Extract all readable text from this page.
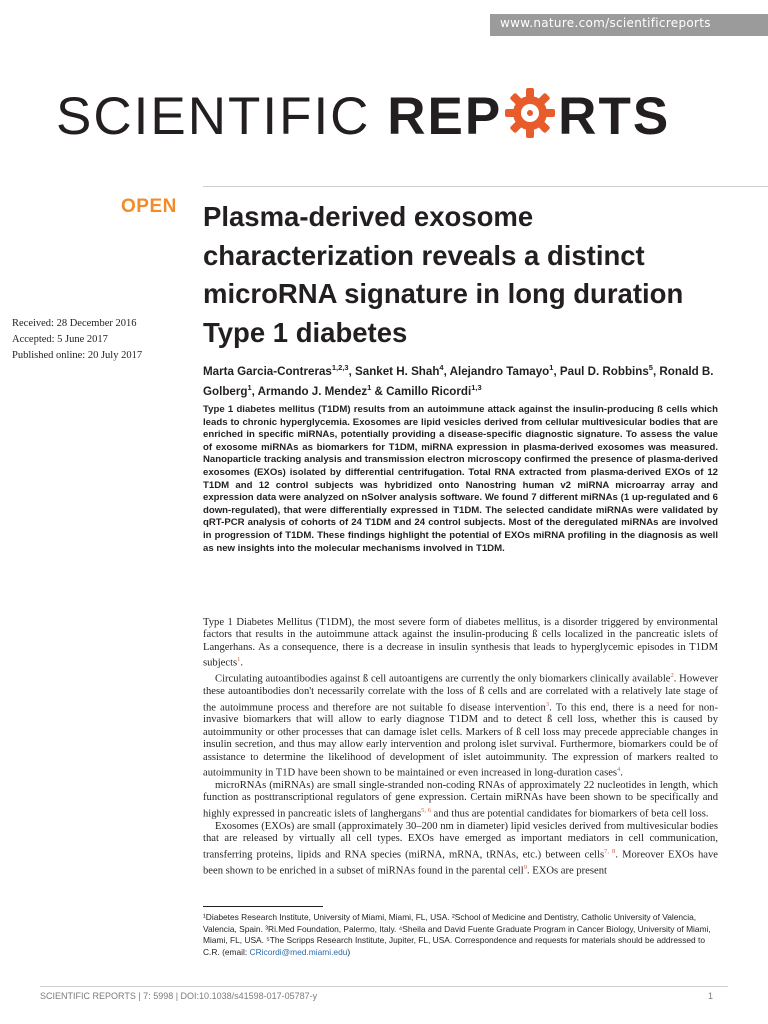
www.nature.com/scientificreports
SCIENTIFIC REP RTS
OPEN Plasma-derived exosome characterization reveals a distinct microRNA signature in long duration Type 1 diabetes
Received: 28 December 2016
Accepted: 5 June 2017
Published online: 20 July 2017
Marta Garcia-Contreras$^{1,2,3}$, Sanket H. Shah$^4$, Alejandro Tamayo$^1$, Paul D. Robbins$^5$, Ronald B. Golberg$^1$, Armando J. Mendez$^1$ & Camillo Ricordi$^{1,3}$
Type 1 diabetes mellitus (T1DM) results from an autoimmune attack against the insulin-producing ß cells which leads to chronic hyperglycemia. Exosomes are lipid vesicles derived from cellular multivesicular bodies that are enriched in specific miRNAs, potentially providing a disease-specific diagnostic signature. To assess the value of exosome miRNAs as biomarkers for T1DM, miRNA expression in plasma-derived exosomes was measured. Nanoparticle tracking analysis and transmission electron microscopy confirmed the presence of plasma-derived exosomes (EXOs) isolated by differential centrifugation. Total RNA extracted from plasma-derived EXOs of 12 T1DM and 12 control subjects was hybridized onto Nanostring human v2 miRNA microarray array and expression data were analyzed on nSolver analysis software. We found 7 different miRNAs (1 up-regulated and 6 down-regulated), that were differentially expressed in T1DM. The selected candidate miRNAs were validated by qRT-PCR analysis of cohorts of 24 T1DM and 24 control subjects. Most of the deregulated miRNAs are involved in progression of T1DM. These findings highlight the potential of EXOs miRNA profiling in the diagnosis as well as new insights into the molecular mechanisms involved in T1DM.

Type 1 Diabetes Mellitus (T1DM), the most severe form of diabetes mellitus, is a disorder triggered by environmental factors that results in the autoimmune attack against the insulin-producing ß cells localized in the pancreatic islets of Langerhans. As a consequence, there is a decrease in insulin synthesis that leads to hyperglycemic episodes in T1DM subjects$^1$.

Circulating autoantibodies against ß cell autoantigens are currently the only biomarkers clinically available$^2$. However these autoantibodies don't necessarily correlate with the loss of ß cells and are correlated with a relatively late stage of the autoimmune process and therefore are not suitable fo disease intervention$^3$. To this end, there is a need for non-invasive biomarkers that will allow to early diagnose T1DM and to detect ß cell loss, whether this is caused by autoimmunity or other processes that can damage islet cells. Markers of ß cell loss may precede appreciable changes in insulin secretion, and thus may allow early intervention and prolong islet survival. Furthermore, biomarkers could be of assistance to determine the likelihood of development of islet autoimmunity. The expression of markers realted to autoimmunity in T1D have been shown to be maintained or even increased in long-duration cases$^4$.

microRNAs (miRNAs) are small single-stranded non-coding RNAs of approximately 22 nucleotides in length, which function as posttranscriptional regulators of gene expression. Certain miRNAs have been shown to be specifically and highly expressed in pancreatic islets of langhergans$^{5, 6}$ and thus are potential candidates for biomarkers of beta cell loss.

Exosomes (EXOs) are small (approximately 30–200 nm in diameter) lipid vesicles derived from multivesicular bodies that are released by virtually all cell types. EXOs have emerged as important mediators in cell communication, transferring proteins, lipids and RNA species (miRNA, mRNA, tRNAs, etc.) between cells$^{7, 8}$. Moreover EXOs have been shown to be enriched in a subset of miRNAs found in the parental cell$^9$. EXOs are present

¹Diabetes Research Institute, University of Miami, Miami, FL, USA. ²School of Medicine and Dentistry, Catholic University of Valencia, Valencia, Spain. ³Ri.Med Foundation, Palermo, Italy. ⁴Sheila and David Fuente Graduate Program in Cancer Biology, University of Miami, Miami, FL, USA. ⁵The Scripps Research Institute, Jupiter, FL, USA. Correspondence and requests for materials should be addressed to C.R. (email: CRicordi@med.miami.edu)
SCIENTIFIC REPORTS | 7: 5998 | DOI:10.1038/s41598-017-05787-y	1
